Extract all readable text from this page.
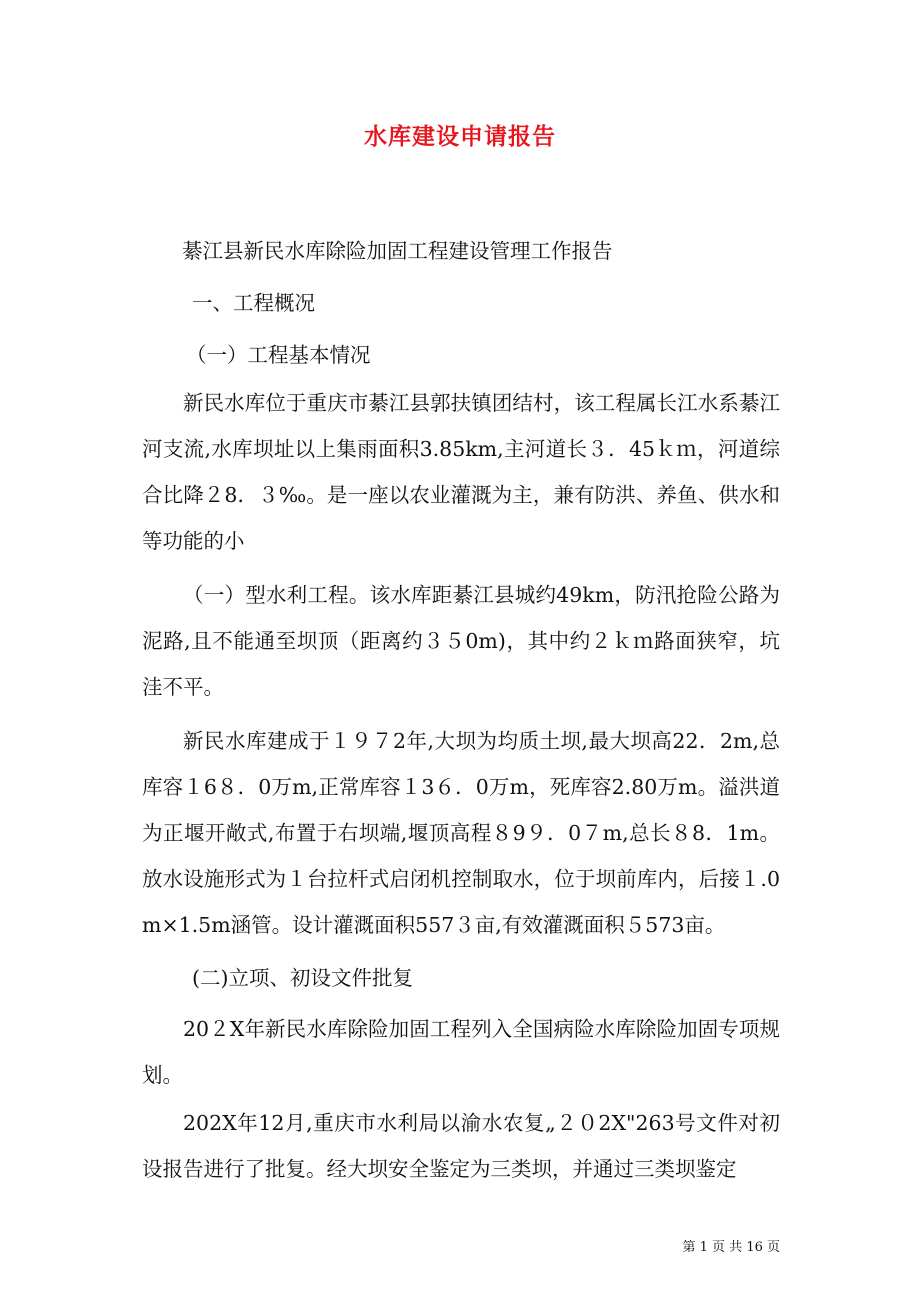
水库建设申请报告
綦江县新民水库除险加固工程建设管理工作报告
一、工程概况
（一）工程基本情况
新民水库位于重庆市綦江县郭扶镇团结村，该工程属长江水系綦江河支流,水库坝址以上集雨面积3.85km,主河道长３．45ｋｍ，河道综合比降２8．３‰。是一座以农业灌溉为主，兼有防洪、养鱼、供水和等功能的小
（一）型水利工程。该水库距綦江县城约49km，防汛抢险公路为泥路,且不能通至坝顶（距离约３５0m)，其中约２ｋｍ路面狭窄，坑洼不平。
新民水库建成于１９７2年,大坝为均质土坝,最大坝高22．2m,总库容１6８．0万m,正常库容１3６．0万m，死库容2.80万m。溢洪道为正堰开敞式,布置于右坝端,堰顶高程８9９．0７m,总长８8．1m。放水设施形式为１台拉杆式启闭机控制取水，位于坝前库内，后接１.0m×1.5m涵管。设计灌溉面积557３亩,有效灌溉面积５573亩。
(二)立项、初设文件批复
20２X年新民水库除险加固工程列入全国病险水库除险加固专项规划。
202X年12月,重庆市水利局以渝水农复„２０2X"263号文件对初设报告进行了批复。经大坝安全鉴定为三类坝，并通过三类坝鉴定
第 1 页 共 16 页
